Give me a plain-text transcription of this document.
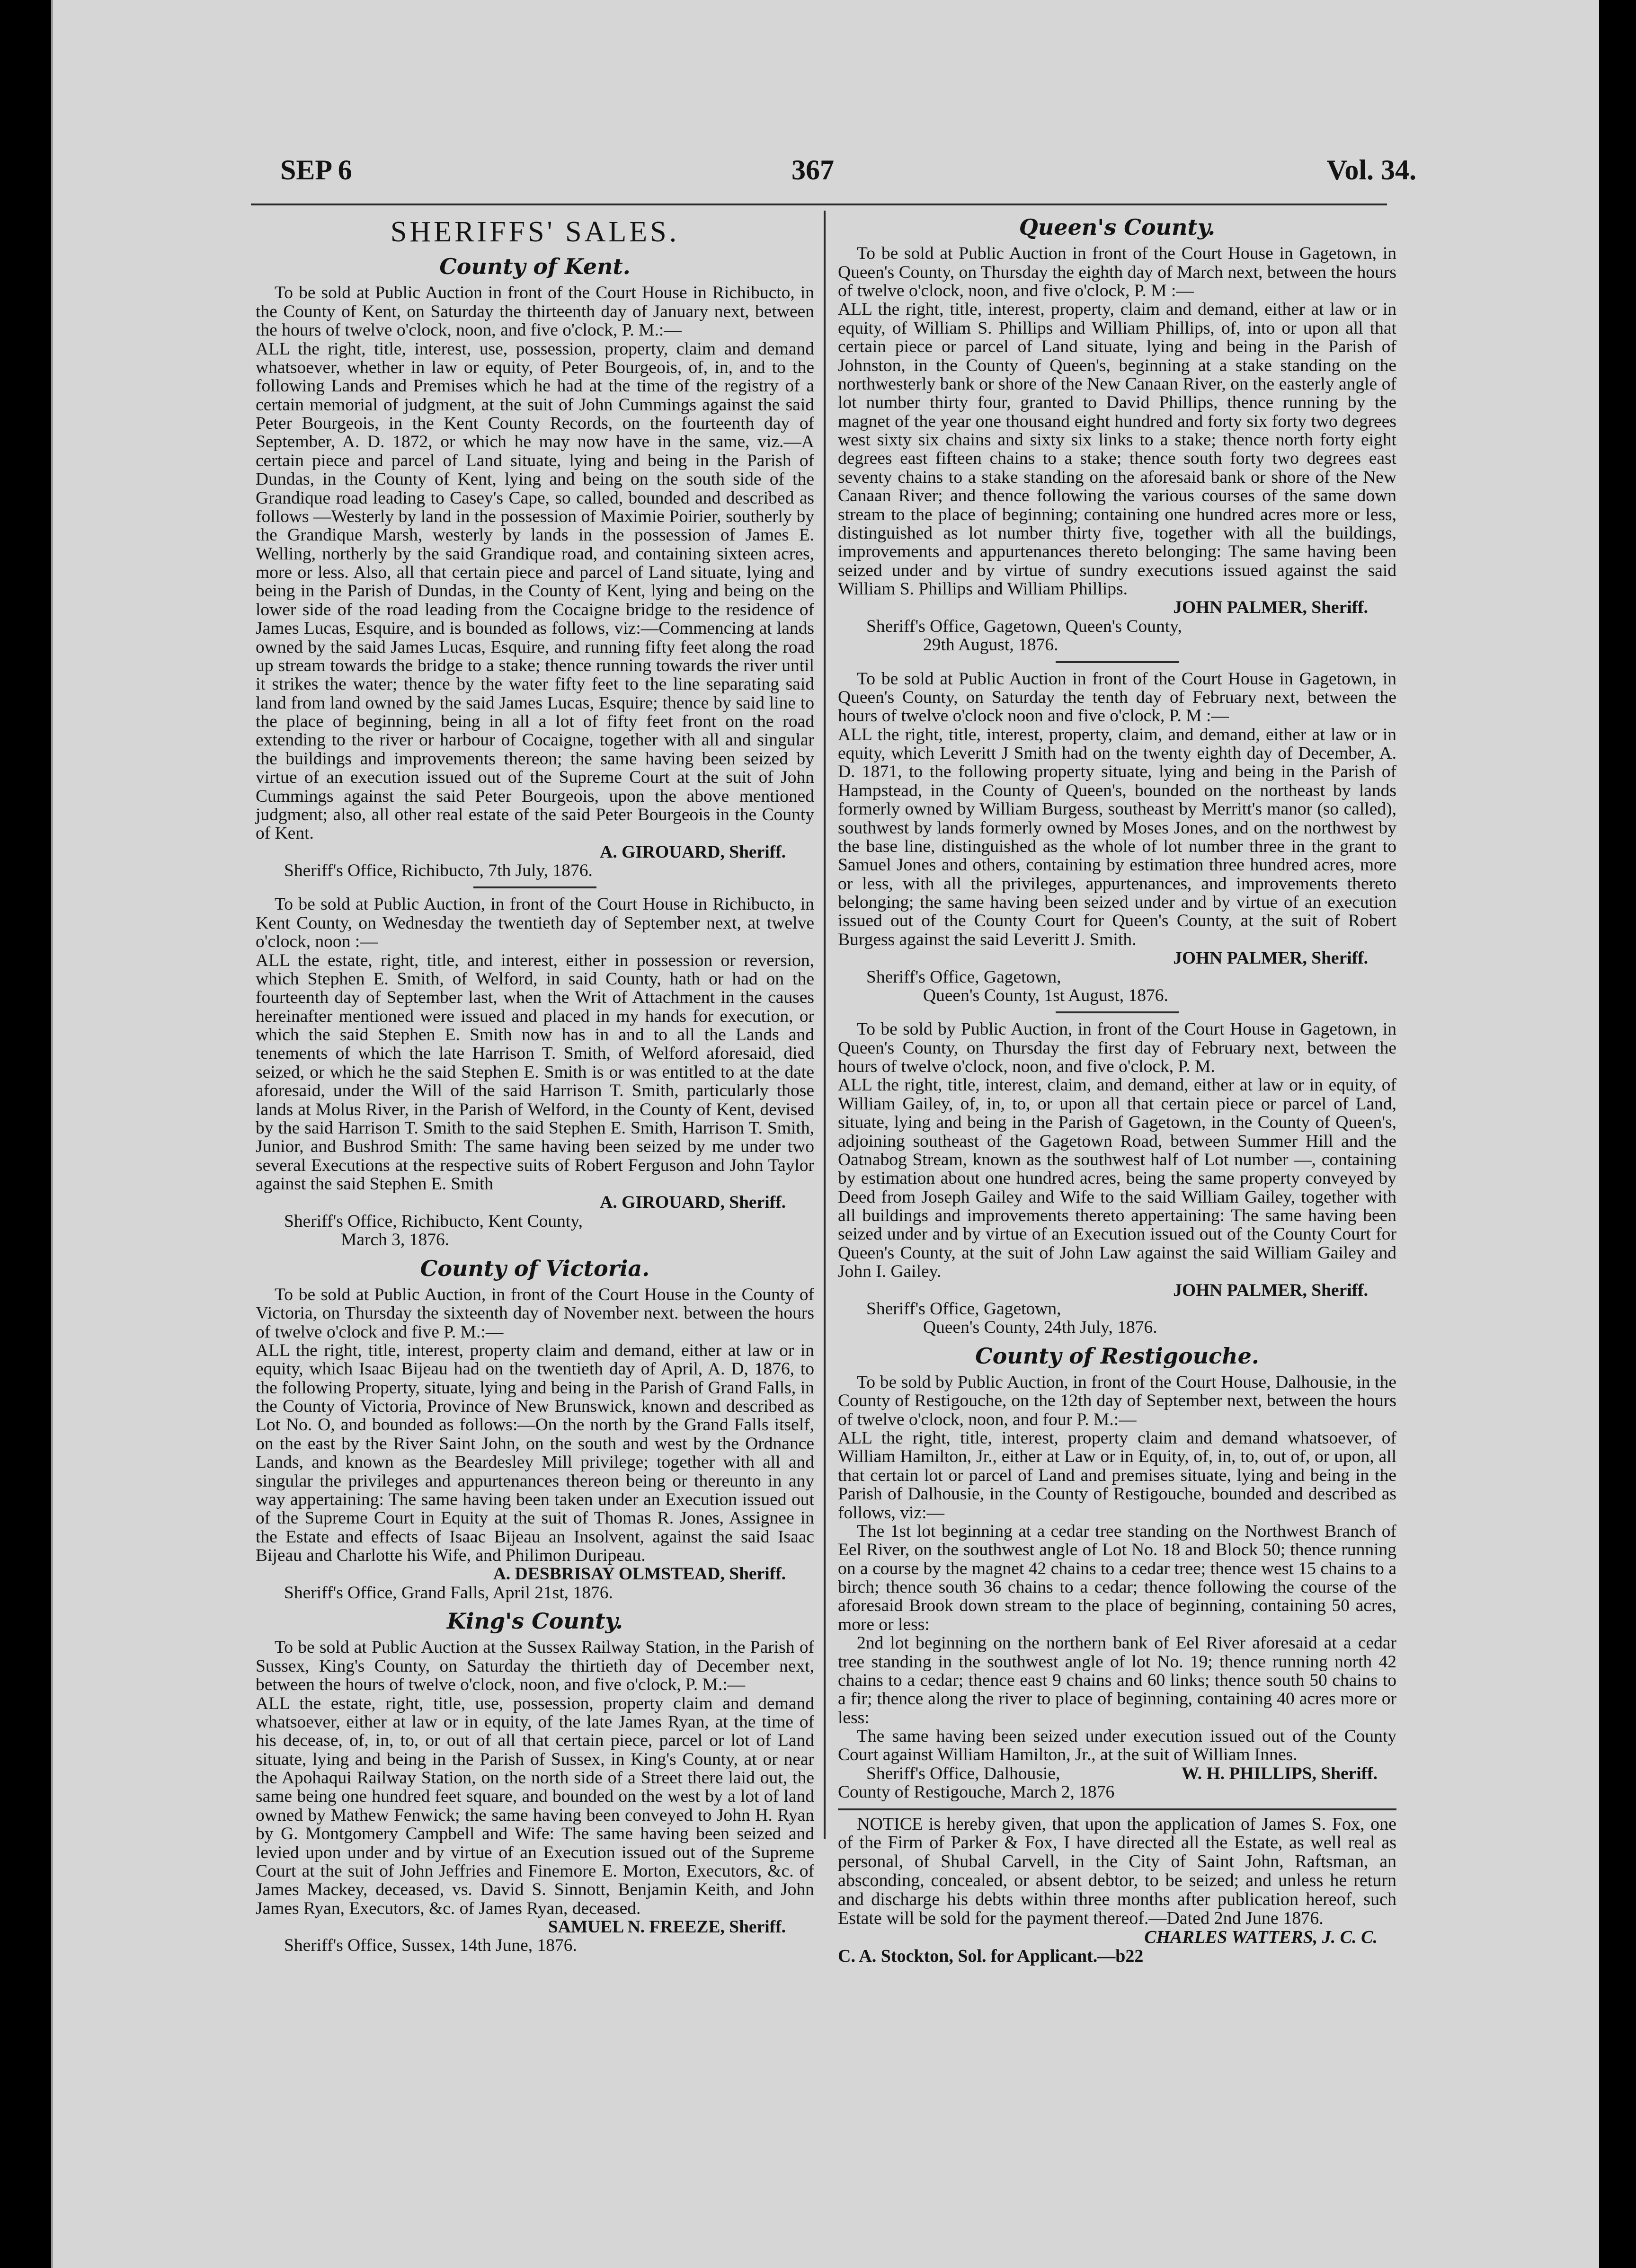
SEP 6	367	Vol. 34.
SHERIFFS' SALES.
County of Kent.

To be sold at Public Auction in front of the Court House in Richibucto, in the County of Kent, on Saturday the thirteenth day of January next, between the hours of twelve o'clock, noon, and five o'clock, P. M.:—

ALL the right, title, interest, use, possession, property, claim and demand whatsoever, whether in law or equity, of Peter Bourgeois, of, in, and to the following Lands and Premises which he had at the time of the registry of a certain memorial of judgment, at the suit of John Cummings against the said Peter Bourgeois, in the Kent County Records, on the fourteenth day of September, A. D. 1872, or which he may now have in the same, viz.—A certain piece and parcel of Land situate, lying and being in the Parish of Dundas, in the County of Kent, lying and being on the south side of the Grandique road leading to Casey's Cape, so called, bounded and described as follows —Westerly by land in the possession of Maximie Poirier, southerly by the Grandique Marsh, westerly by lands in the possession of James E. Welling, northerly by the said Grandique road, and containing sixteen acres, more or less. Also, all that certain piece and parcel of Land situate, lying and being in the Parish of Dundas, in the County of Kent, lying and being on the lower side of the road leading from the Cocaigne bridge to the residence of James Lucas, Esquire, and is bounded as follows, viz:—Commencing at lands owned by the said James Lucas, Esquire, and running fifty feet along the road up stream towards the bridge to a stake; thence running towards the river until it strikes the water; thence by the water fifty feet to the line separating said land from land owned by the said James Lucas, Esquire; thence by said line to the place of beginning, being in all a lot of fifty feet front on the road extending to the river or harbour of Cocaigne, together with all and singular the buildings and improvements thereon; the same having been seized by virtue of an execution issued out of the Supreme Court at the suit of John Cummings against the said Peter Bourgeois, upon the above mentioned judgment; also, all other real estate of the said Peter Bourgeois in the County of Kent.

A. GIROUARD, Sheriff.

Sheriff's Office, Richibucto, 7th July, 1876.

To be sold at Public Auction, in front of the Court House in Richibucto, in Kent County, on Wednesday the twentieth day of September next, at twelve o'clock, noon :—

ALL the estate, right, title, and interest, either in possession or reversion, which Stephen E. Smith, of Welford, in said County, hath or had on the fourteenth day of September last, when the Writ of Attachment in the causes hereinafter mentioned were issued and placed in my hands for execution, or which the said Stephen E. Smith now has in and to all the Lands and tenements of which the late Harrison T. Smith, of Welford aforesaid, died seized, or which he the said Stephen E. Smith is or was entitled to at the date aforesaid, under the Will of the said Harrison T. Smith, particularly those lands at Molus River, in the Parish of Welford, in the County of Kent, devised by the said Harrison T. Smith to the said Stephen E. Smith, Harrison T. Smith, Junior, and Bushrod Smith: The same having been seized by me under two several Executions at the respective suits of Robert Ferguson and John Taylor against the said Stephen E. Smith

A. GIROUARD, Sheriff.

Sheriff's Office, Richibucto, Kent County,

March 3, 1876.

County of Victoria.

To be sold at Public Auction, in front of the Court House in the County of Victoria, on Thursday the sixteenth day of November next. between the hours of twelve o'clock and five P. M.:—

ALL the right, title, interest, property claim and demand, either at law or in equity, which Isaac Bijeau had on the twentieth day of April, A. D, 1876, to the following Property, situate, lying and being in the Parish of Grand Falls, in the County of Victoria, Province of New Brunswick, known and described as Lot No. O, and bounded as follows:—On the north by the Grand Falls itself, on the east by the River Saint John, on the south and west by the Ordnance Lands, and known as the Beardesley Mill privilege; together with all and singular the privileges and appurtenances thereon being or thereunto in any way appertaining: The same having been taken under an Execution issued out of the Supreme Court in Equity at the suit of Thomas R. Jones, Assignee in the Estate and effects of Isaac Bijeau an Insolvent, against the said Isaac Bijeau and Charlotte his Wife, and Philimon Duripeau.

A. DESBRISAY OLMSTEAD, Sheriff.

Sheriff's Office, Grand Falls, April 21st, 1876.

King's County.

To be sold at Public Auction at the Sussex Railway Station, in the Parish of Sussex, King's County, on Saturday the thirtieth day of December next, between the hours of twelve o'clock, noon, and five o'clock, P. M.:—

ALL the estate, right, title, use, possession, property claim and demand whatsoever, either at law or in equity, of the late James Ryan, at the time of his decease, of, in, to, or out of all that certain piece, parcel or lot of Land situate, lying and being in the Parish of Sussex, in King's County, at or near the Apohaqui Railway Station, on the north side of a Street there laid out, the same being one hundred feet square, and bounded on the west by a lot of land owned by Mathew Fenwick; the same having been conveyed to John H. Ryan by G. Montgomery Campbell and Wife: The same having been seized and levied upon under and by virtue of an Execution issued out of the Supreme Court at the suit of John Jeffries and Finemore E. Morton, Executors, &c. of James Mackey, deceased, vs. David S. Sinnott, Benjamin Keith, and John James Ryan, Executors, &c. of James Ryan, deceased.

SAMUEL N. FREEZE, Sheriff.

Sheriff's Office, Sussex, 14th June, 1876.

Queen's County.

To be sold at Public Auction in front of the Court House in Gagetown, in Queen's County, on Thursday the eighth day of March next, between the hours of twelve o'clock, noon, and five o'clock, P. M :—

ALL the right, title, interest, property, claim and demand, either at law or in equity, of William S. Phillips and William Phillips, of, into or upon all that certain piece or parcel of Land situate, lying and being in the Parish of Johnston, in the County of Queen's, beginning at a stake standing on the northwesterly bank or shore of the New Canaan River, on the easterly angle of lot number thirty four, granted to David Phillips, thence running by the magnet of the year one thousand eight hundred and forty six forty two degrees west sixty six chains and sixty six links to a stake; thence north forty eight degrees east fifteen chains to a stake; thence south forty two degrees east seventy chains to a stake standing on the aforesaid bank or shore of the New Canaan River; and thence following the various courses of the same down stream to the place of beginning; containing one hundred acres more or less, distinguished as lot number thirty five, together with all the buildings, improvements and appurtenances thereto belonging: The same having been seized under and by virtue of sundry executions issued against the said William S. Phillips and William Phillips.

JOHN PALMER, Sheriff.

Sheriff's Office, Gagetown, Queen's County,

29th August, 1876.

To be sold at Public Auction in front of the Court House in Gagetown, in Queen's County, on Saturday the tenth day of February next, between the hours of twelve o'clock noon and five o'clock, P. M :—

ALL the right, title, interest, property, claim, and demand, either at law or in equity, which Leveritt J Smith had on the twenty eighth day of December, A. D. 1871, to the following property situate, lying and being in the Parish of Hampstead, in the County of Queen's, bounded on the northeast by lands formerly owned by William Burgess, southeast by Merritt's manor (so called), southwest by lands formerly owned by Moses Jones, and on the northwest by the base line, distinguished as the whole of lot number three in the grant to Samuel Jones and others, containing by estimation three hundred acres, more or less, with all the privileges, appurtenances, and improvements thereto belonging; the same having been seized under and by virtue of an execution issued out of the County Court for Queen's County, at the suit of Robert Burgess against the said Leveritt J. Smith.

JOHN PALMER, Sheriff.

Sheriff's Office, Gagetown,

Queen's County, 1st August, 1876.

To be sold by Public Auction, in front of the Court House in Gagetown, in Queen's County, on Thursday the first day of February next, between the hours of twelve o'clock, noon, and five o'clock, P. M.

ALL the right, title, interest, claim, and demand, either at law or in equity, of William Gailey, of, in, to, or upon all that certain piece or parcel of Land, situate, lying and being in the Parish of Gagetown, in the County of Queen's, adjoining southeast of the Gagetown Road, between Summer Hill and the Oatnabog Stream, known as the southwest half of Lot number —, containing by estimation about one hundred acres, being the same property conveyed by Deed from Joseph Gailey and Wife to the said William Gailey, together with all buildings and improvements thereto appertaining: The same having been seized under and by virtue of an Execution issued out of the County Court for Queen's County, at the suit of John Law against the said William Gailey and John I. Gailey.

JOHN PALMER, Sheriff.

Sheriff's Office, Gagetown,

Queen's County, 24th July, 1876.

County of Restigouche.

To be sold by Public Auction, in front of the Court House, Dalhousie, in the County of Restigouche, on the 12th day of September next, between the hours of twelve o'clock, noon, and four P. M.:—

ALL the right, title, interest, property claim and demand whatsoever, of William Hamilton, Jr., either at Law or in Equity, of, in, to, out of, or upon, all that certain lot or parcel of Land and premises situate, lying and being in the Parish of Dalhousie, in the County of Restigouche, bounded and described as follows, viz:—

The 1st lot beginning at a cedar tree standing on the Northwest Branch of Eel River, on the southwest angle of Lot No. 18 and Block 50; thence running on a course by the magnet 42 chains to a cedar tree; thence west 15 chains to a birch; thence south 36 chains to a cedar; thence following the course of the aforesaid Brook down stream to the place of beginning, containing 50 acres, more or less:

2nd lot beginning on the northern bank of Eel River aforesaid at a cedar tree standing in the southwest angle of lot No. 19; thence running north 42 chains to a cedar; thence east 9 chains and 60 links; thence south 50 chains to a fir; thence along the river to place of beginning, containing 40 acres more or less:

The same having been seized under execution issued out of the County Court against William Hamilton, Jr., at the suit of William Innes.

Sheriff's Office, Dalhousie,	W. H. PHILLIPS, Sheriff.

County of Restigouche, March 2, 1876

NOTICE is hereby given, that upon the application of James S. Fox, one of the Firm of Parker & Fox, I have directed all the Estate, as well real as personal, of Shubal Carvell, in the City of Saint John, Raftsman, an absconding, concealed, or absent debtor, to be seized; and unless he return and discharge his debts within three months after publication hereof, such Estate will be sold for the payment thereof.—Dated 2nd June 1876.

CHARLES WATTERS, J. C. C.

C. A. Stockton, Sol. for Applicant.—b22
